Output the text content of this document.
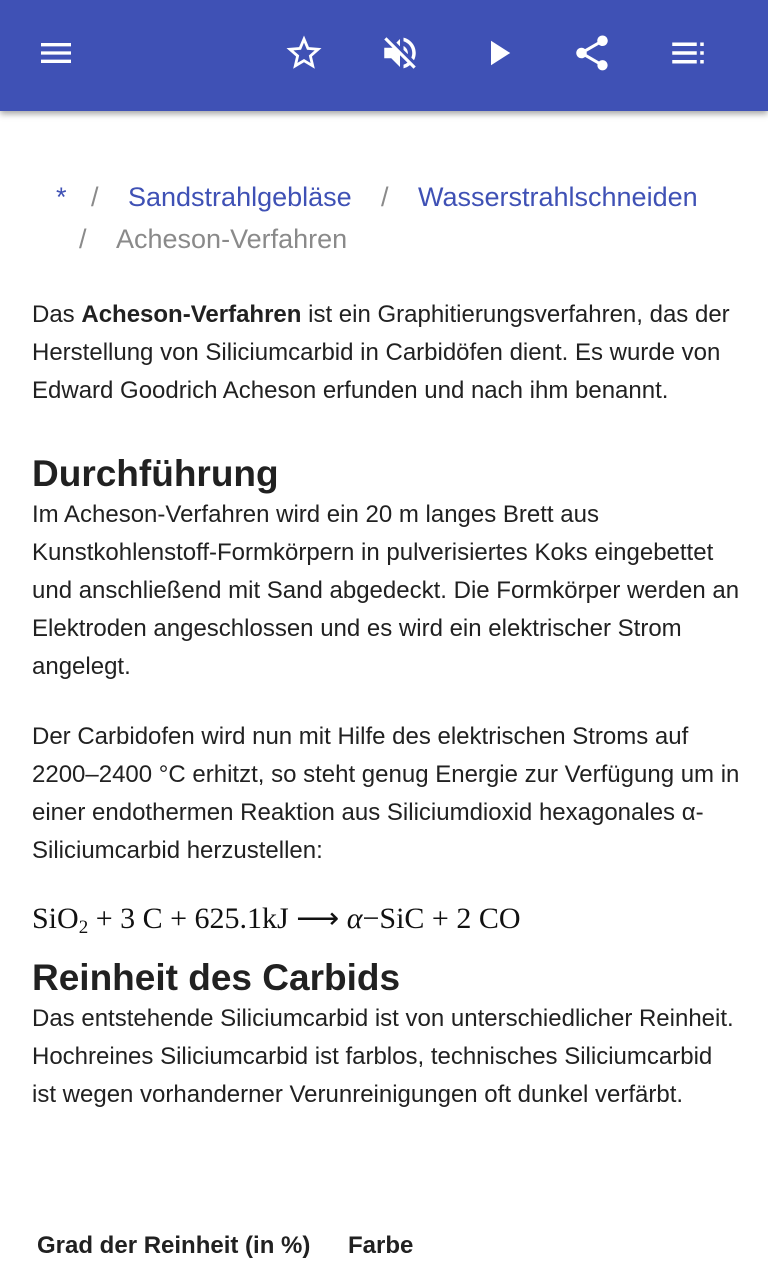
* / Sandstrahlgebläse / Wasserstrahlschneiden
/ Acheson-Verfahren

Das Acheson-Verfahren ist ein Graphitierungsverfahren, das der Herstellung von Siliciumcarbid in Carbidöfen dient. Es wurde von Edward Goodrich Acheson erfunden und nach ihm benannt.

Durchführung

Im Acheson-Verfahren wird ein 20 m langes Brett aus Kunstkohlenstoff-Formkörpern in pulverisiertes Koks eingebettet und anschließend mit Sand abgedeckt. Die Formkörper werden an Elektroden angeschlossen und es wird ein elektrischer Strom angelegt.

Der Carbidofen wird nun mit Hilfe des elektrischen Stroms auf 2200–2400 °C erhitzt, so steht genug Energie zur Verfügung um in einer endothermen Reaktion aus Siliciumdioxid hexagonales α-Siliciumcarbid herzustellen:

SiO$_2$ + 3 C + 625.1kJ ⟶ α−SiC + 2 CO
Reinheit des Carbids

Das entstehende Siliciumcarbid ist von unterschiedlicher Reinheit. Hochreines Siliciumcarbid ist farblos, technisches Siliciumcarbid ist wegen vorhanderner Verunreinigungen oft dunkel verfärbt.

Grad der Reinheit (in %) Farbe
